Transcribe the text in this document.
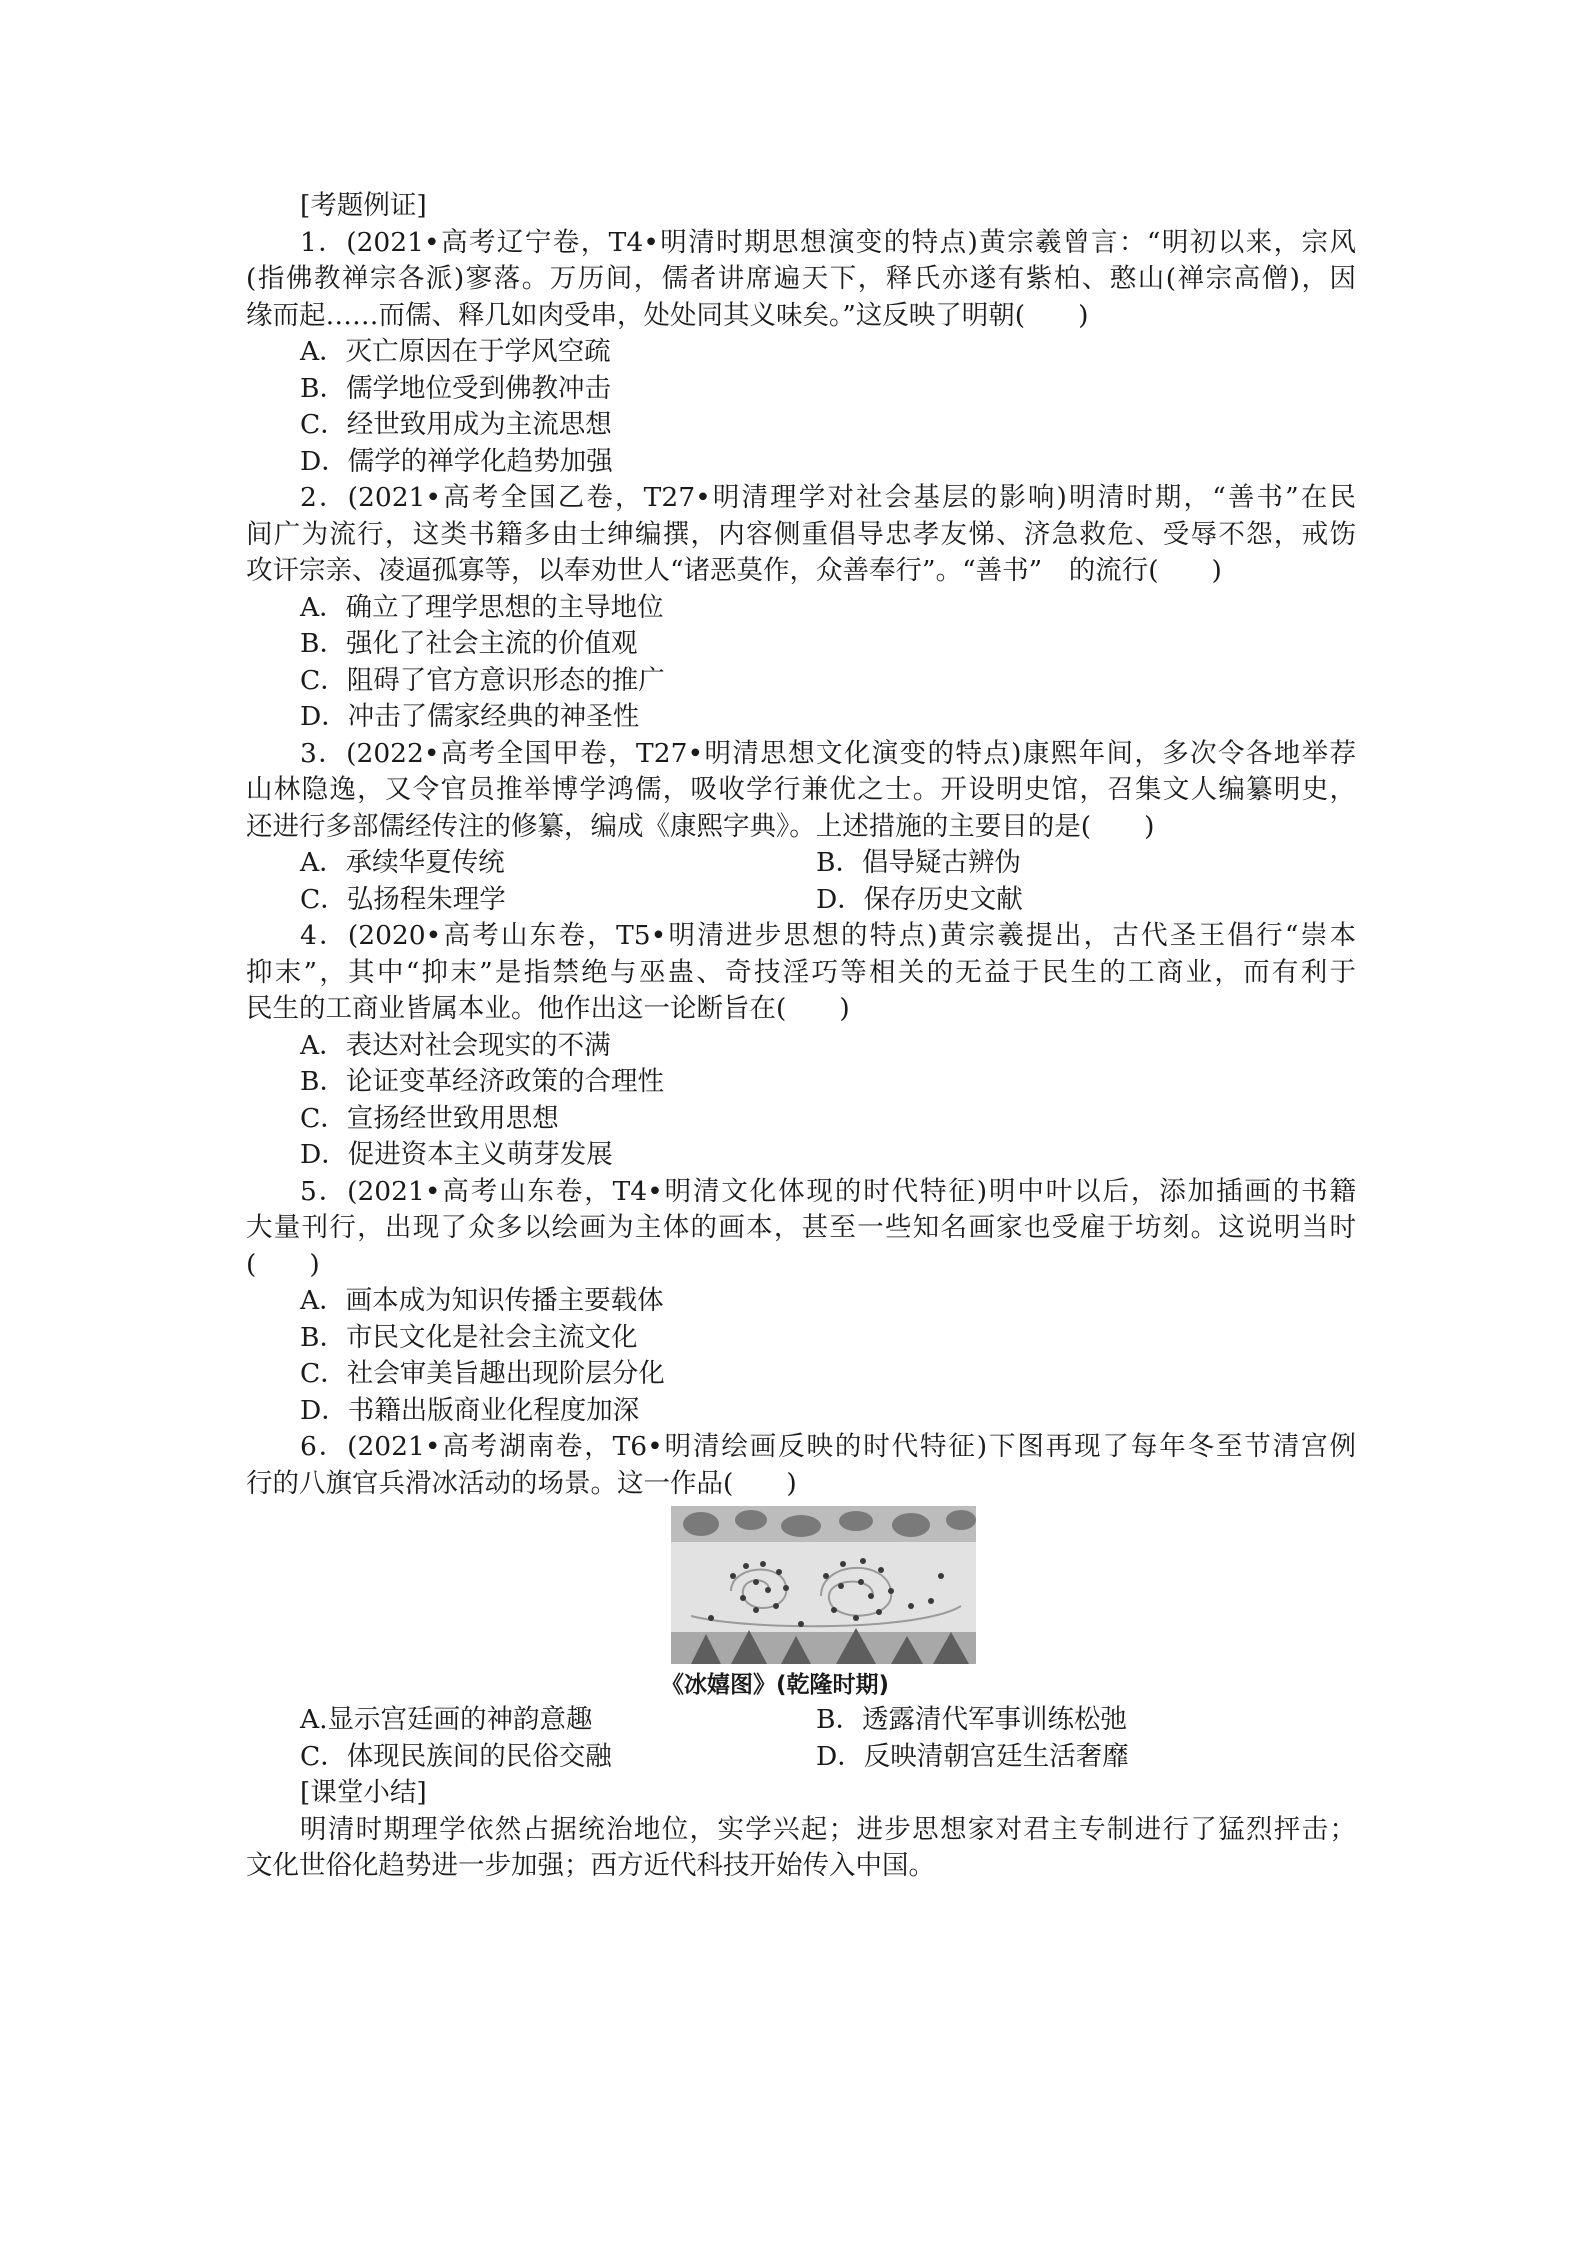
[考题例证]
1．(2021•高考辽宁卷，T4•明清时期思想演变的特点)黄宗羲曾言：“明初以来，宗风
(指佛教禅宗各派)寥落。万历间，儒者讲席遍天下，释氏亦遂有紫柏、憨山(禅宗高僧)，因
缘而起……而儒、释几如肉受串，处处同其义味矣。”这反映了明朝(　　)
A．灭亡原因在于学风空疏
B．儒学地位受到佛教冲击
C．经世致用成为主流思想
D．儒学的禅学化趋势加强
2．(2021•高考全国乙卷，T27•明清理学对社会基层的影响)明清时期，“善书”在民
间广为流行，这类书籍多由士绅编撰，内容侧重倡导忠孝友悌、济急救危、受辱不怨，戒饬
攻讦宗亲、凌逼孤寡等，以奉劝世人“诸恶莫作，众善奉行”。“善书”　的流行(　　)
A．确立了理学思想的主导地位
B．强化了社会主流的价值观
C．阻碍了官方意识形态的推广
D．冲击了儒家经典的神圣性
3．(2022•高考全国甲卷，T27•明清思想文化演变的特点)康熙年间，多次令各地举荐
山林隐逸，又令官员推举博学鸿儒，吸收学行兼优之士。开设明史馆，召集文人编纂明史，
还进行多部儒经传注的修纂，编成《康熙字典》。上述措施的主要目的是(　　)
A．承续华夏传统	B．倡导疑古辨伪
C．弘扬程朱理学	D．保存历史文献
4．(2020•高考山东卷，T5•明清进步思想的特点)黄宗羲提出，古代圣王倡行“崇本
抑末”，其中“抑末”是指禁绝与巫蛊、奇技淫巧等相关的无益于民生的工商业，而有利于
民生的工商业皆属本业。他作出这一论断旨在(　　)
A．表达对社会现实的不满
B．论证变革经济政策的合理性
C．宣扬经世致用思想
D．促进资本主义萌芽发展
5．(2021•高考山东卷，T4•明清文化体现的时代特征)明中叶以后，添加插画的书籍
大量刊行，出现了众多以绘画为主体的画本，甚至一些知名画家也受雇于坊刻。这说明当时
(　　)
A．画本成为知识传播主要载体
B．市民文化是社会主流文化
C．社会审美旨趣出现阶层分化
D．书籍出版商业化程度加深
6．(2021•高考湖南卷，T6•明清绘画反映的时代特征)下图再现了每年冬至节清宫例
行的八旗官兵滑冰活动的场景。这一作品(　　)
《冰嬉图》(乾隆时期)
A.显示宫廷画的神韵意趣	B．透露清代军事训练松弛
C．体现民族间的民俗交融	D．反映清朝宫廷生活奢靡
[课堂小结]
明清时期理学依然占据统治地位，实学兴起；进步思想家对君主专制进行了猛烈抨击；
文化世俗化趋势进一步加强；西方近代科技开始传入中国。
